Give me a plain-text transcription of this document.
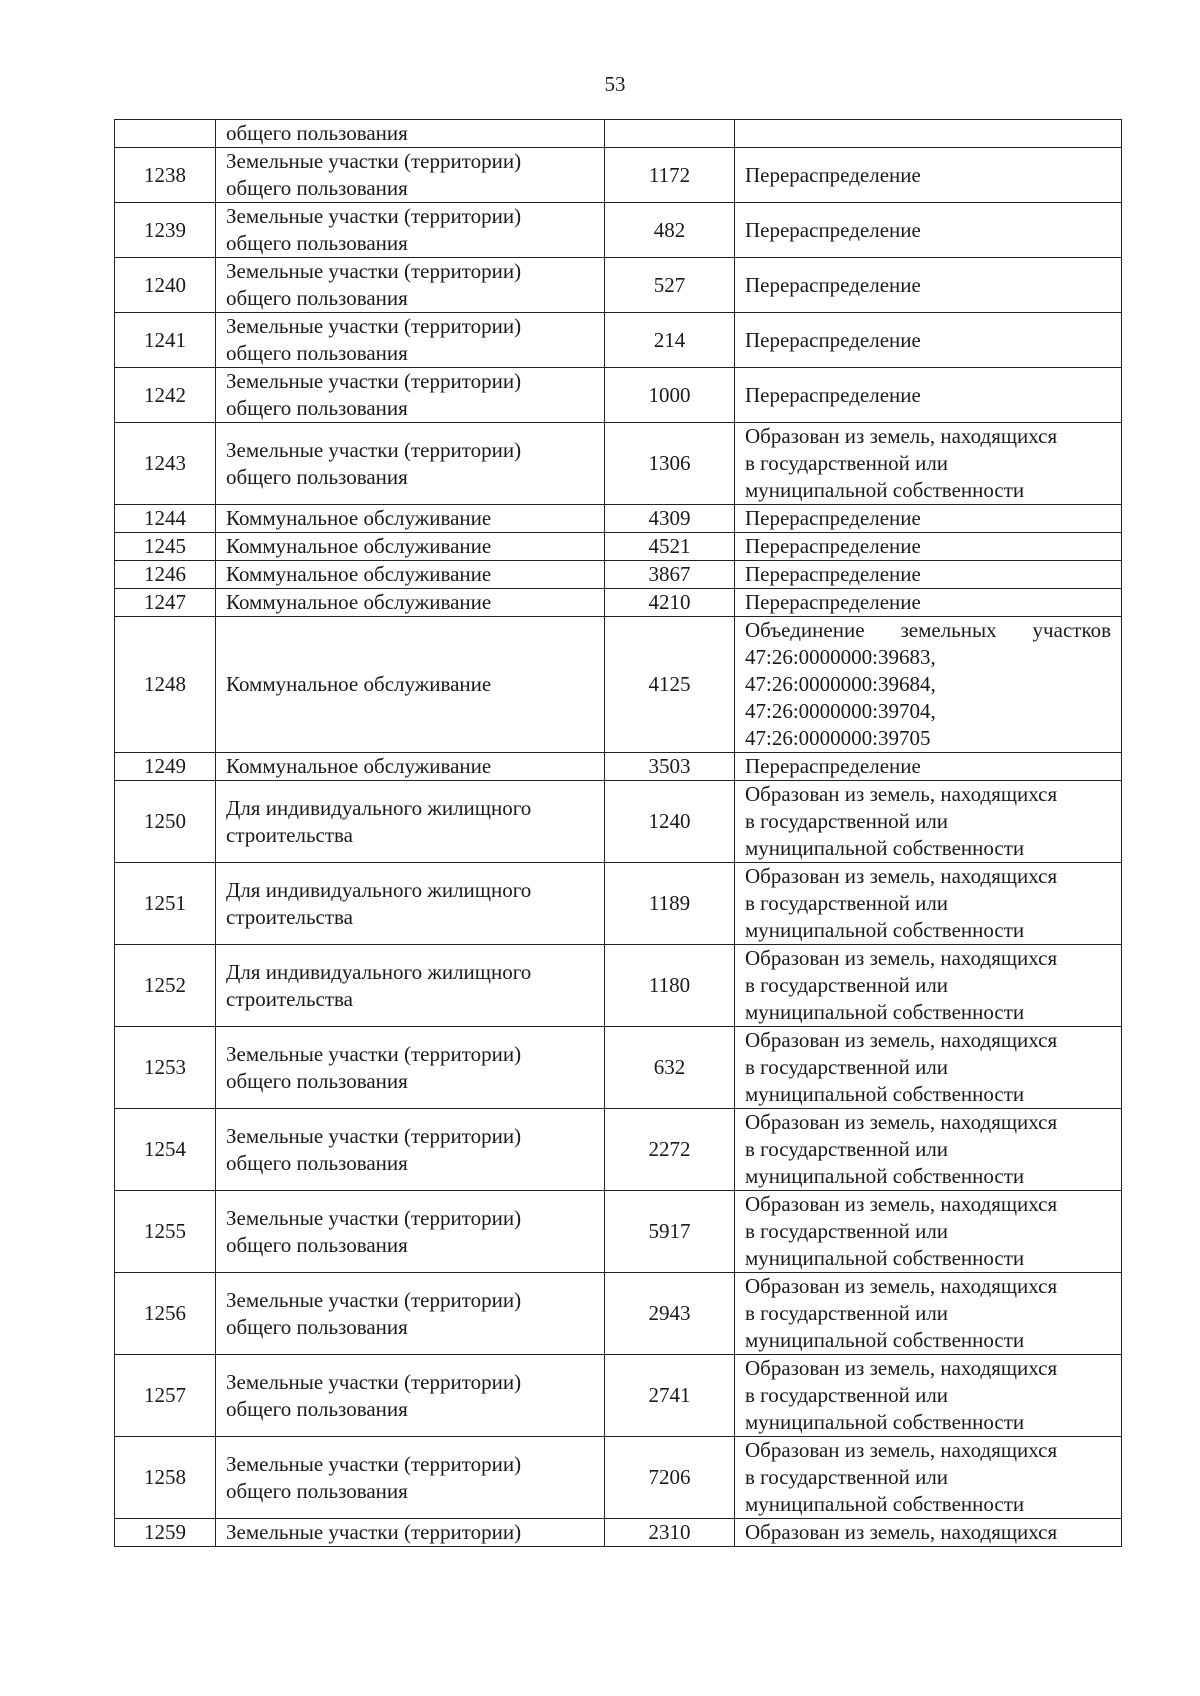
53
	общего пользования		
1238	Земельные участки (территории)
общего пользования	1172	Перераспределение
1239	Земельные участки (территории)
общего пользования	482	Перераспределение
1240	Земельные участки (территории)
общего пользования	527	Перераспределение
1241	Земельные участки (территории)
общего пользования	214	Перераспределение
1242	Земельные участки (территории)
общего пользования	1000	Перераспределение
1243	Земельные участки (территории)
общего пользования	1306	Образован из земель, находящихся
в государственной или
муниципальной собственности
1244	Коммунальное обслуживание	4309	Перераспределение
1245	Коммунальное обслуживание	4521	Перераспределение
1246	Коммунальное обслуживание	3867	Перераспределение
1247	Коммунальное обслуживание	4210	Перераспределение
1248	Коммунальное обслуживание	4125	Объединение земельных участков 47:26:0000000:39683,
47:26:0000000:39684,
47:26:0000000:39704,
47:26:0000000:39705
1249	Коммунальное обслуживание	3503	Перераспределение
1250	Для индивидуального жилищного
строительства	1240	Образован из земель, находящихся
в государственной или
муниципальной собственности
1251	Для индивидуального жилищного
строительства	1189	Образован из земель, находящихся
в государственной или
муниципальной собственности
1252	Для индивидуального жилищного
строительства	1180	Образован из земель, находящихся
в государственной или
муниципальной собственности
1253	Земельные участки (территории)
общего пользования	632	Образован из земель, находящихся
в государственной или
муниципальной собственности
1254	Земельные участки (территории)
общего пользования	2272	Образован из земель, находящихся
в государственной или
муниципальной собственности
1255	Земельные участки (территории)
общего пользования	5917	Образован из земель, находящихся
в государственной или
муниципальной собственности
1256	Земельные участки (территории)
общего пользования	2943	Образован из земель, находящихся
в государственной или
муниципальной собственности
1257	Земельные участки (территории)
общего пользования	2741	Образован из земель, находящихся
в государственной или
муниципальной собственности
1258	Земельные участки (территории)
общего пользования	7206	Образован из земель, находящихся
в государственной или
муниципальной собственности
1259	Земельные участки (территории)	2310	Образован из земель, находящихся
